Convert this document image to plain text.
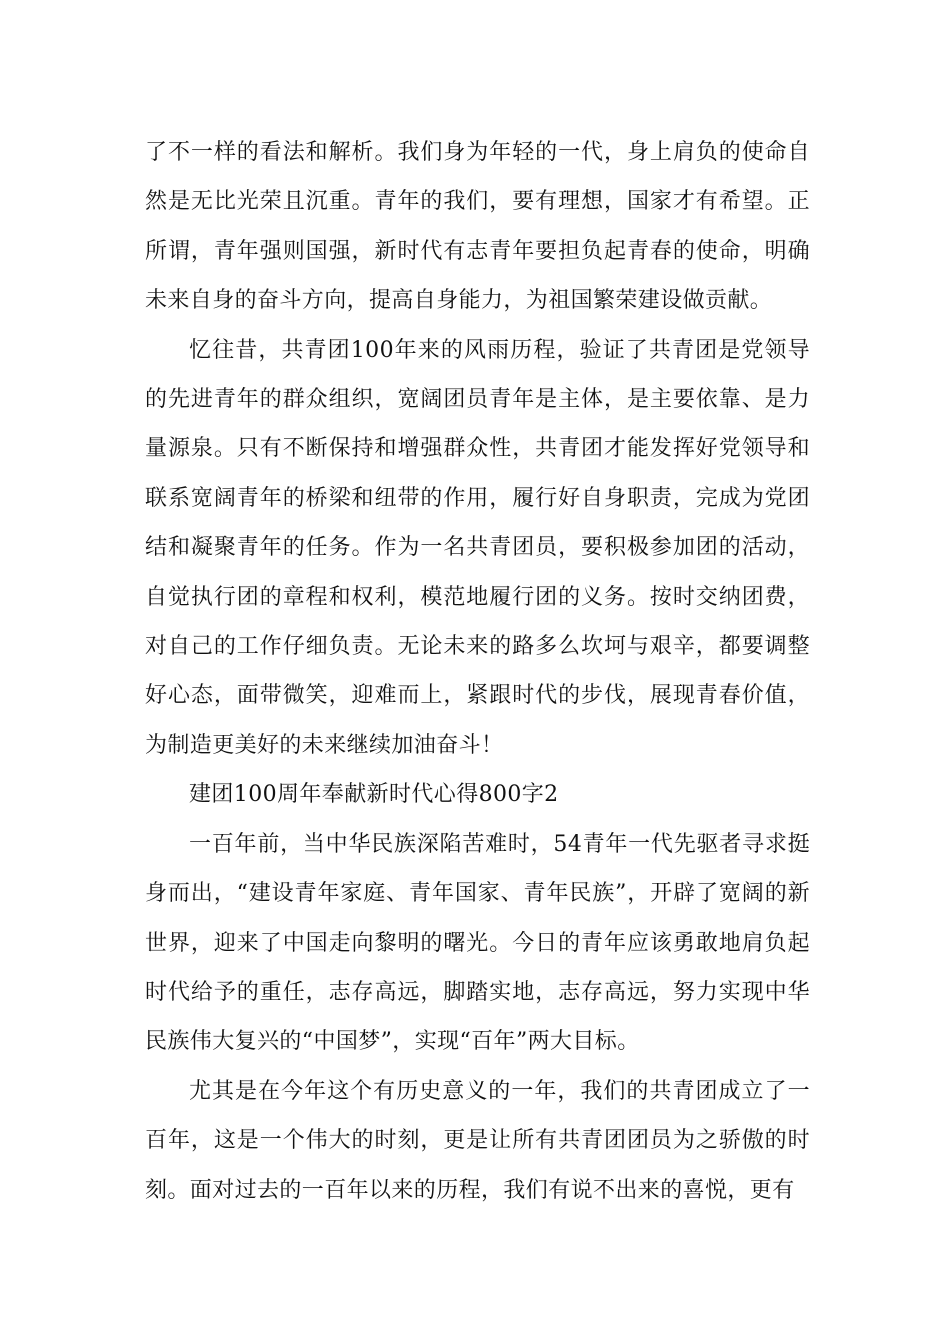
了不一样的看法和解析。我们身为年轻的一代，身上肩负的使命自然是无比光荣且沉重。青年的我们，要有理想，国家才有希望。正所谓，青年强则国强，新时代有志青年要担负起青春的使命，明确未来自身的奋斗方向，提高自身能力，为祖国繁荣建设做贡献。

忆往昔，共青团100年来的风雨历程，验证了共青团是党领导的先进青年的群众组织，宽阔团员青年是主体，是主要依靠、是力量源泉。只有不断保持和增强群众性，共青团才能发挥好党领导和联系宽阔青年的桥梁和纽带的作用，履行好自身职责，完成为党团结和凝聚青年的任务。作为一名共青团员，要积极参加团的活动，自觉执行团的章程和权利，模范地履行团的义务。按时交纳团费，对自己的工作仔细负责。无论未来的路多么坎坷与艰辛，都要调整好心态，面带微笑，迎难而上，紧跟时代的步伐，展现青春价值，为制造更美好的未来继续加油奋斗！

建团100周年奉献新时代心得800字2

一百年前，当中华民族深陷苦难时，54青年一代先驱者寻求挺身而出，“建设青年家庭、青年国家、青年民族”，开辟了宽阔的新世界，迎来了中国走向黎明的曙光。今日的青年应该勇敢地肩负起时代给予的重任，志存高远，脚踏实地，志存高远，努力实现中华民族伟大复兴的“中国梦”，实现“百年”两大目标。

尤其是在今年这个有历史意义的一年，我们的共青团成立了一百年，这是一个伟大的时刻，更是让所有共青团团员为之骄傲的时刻。面对过去的一百年以来的历程，我们有说不出来的喜悦，更有
